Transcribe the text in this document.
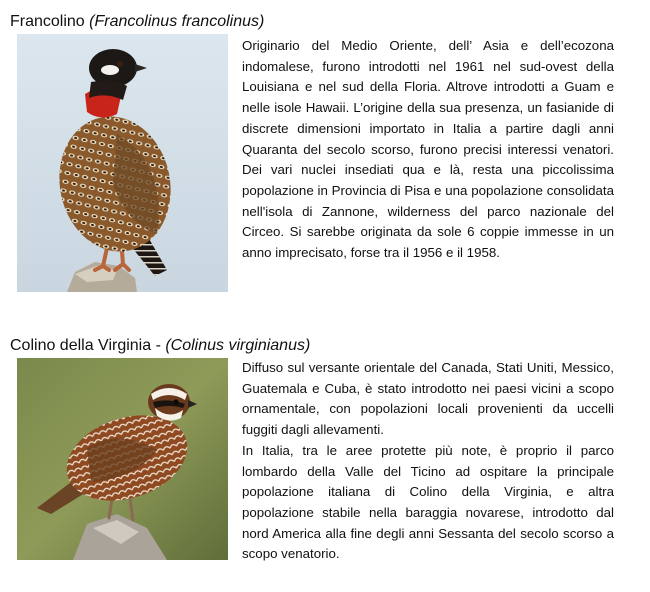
Francolino (Francolinus francolinus)

Originario del Medio Oriente, dell’ Asia e dell’ecozona indomalese, furono introdotti nel 1961 nel sud-ovest della Louisiana e nel sud della Floria. Altrove introdotti a Guam e nelle isole Hawaii. L’origine della sua presenza, un fasianide di discrete dimensioni importato in Italia a partire dagli anni Quaranta del secolo scorso, furono precisi interessi venatori. Dei vari nuclei insediati qua e là, resta una piccolissima popolazione in Provincia di Pisa e una popolazione consolidata nell'isola di Zannone, wilderness del parco nazionale del Circeo. Si sarebbe originata da sole 6 coppie immesse in un anno imprecisato, forse tra il 1956 e il 1958.

Colino della Virginia - (Colinus virginianus)

Diffuso sul versante orientale del Canada, Stati Uniti, Messico, Guatemala e Cuba, è stato introdotto nei paesi vicini a scopo ornamentale, con popolazioni locali provenienti da uccelli fuggiti dagli allevamenti.

In Italia, tra le aree protette più note, è proprio il parco lombardo della Valle del Ticino ad ospitare la principale popolazione italiana di Colino della Virginia, e altra popolazione stabile nella baraggia novarese, introdotto dal nord America alla fine degli anni Sessanta del secolo scorso a scopo venatorio.
